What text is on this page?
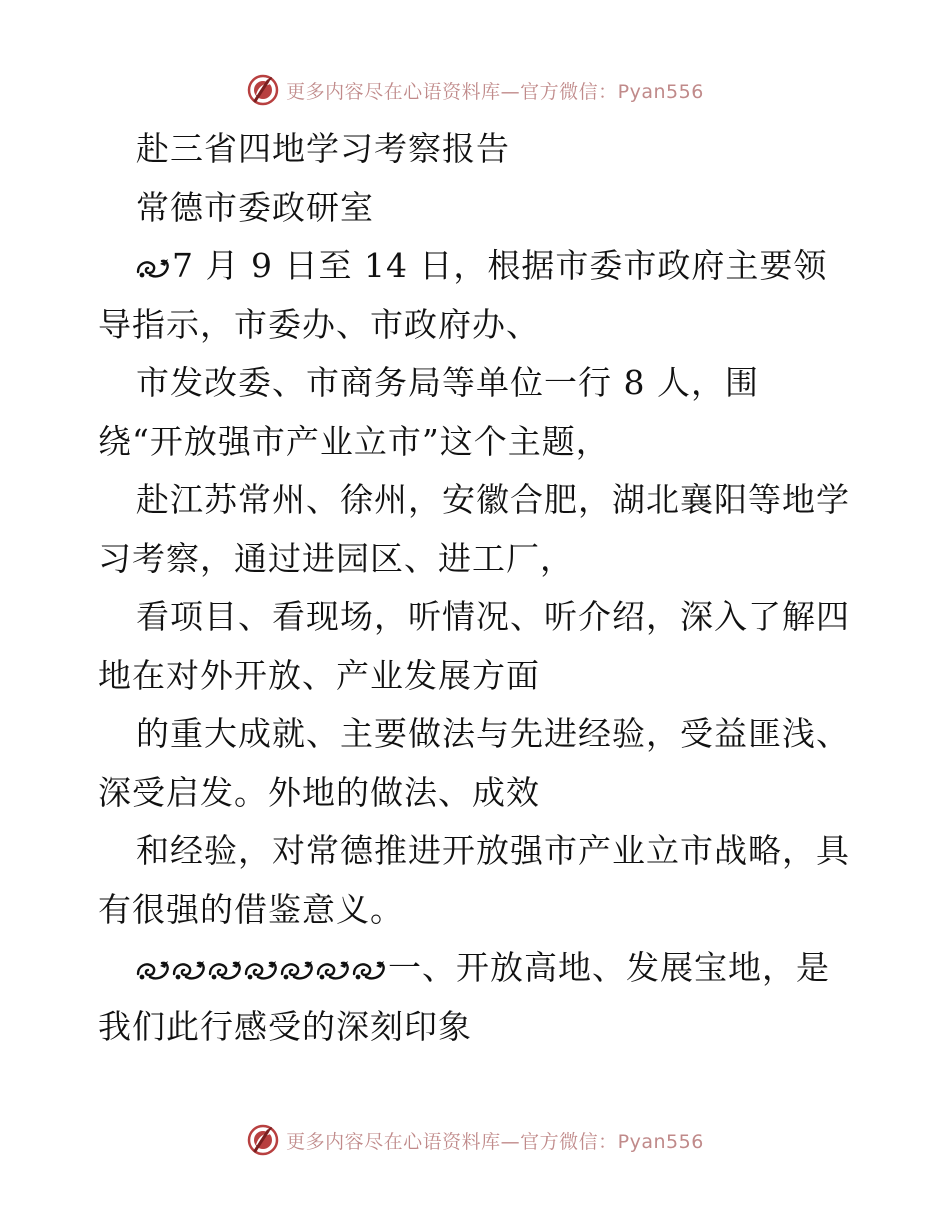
更多内容尽在心语资料库—官方微信：Pyan556
赴三省四地学习考察报告
常德市委政研室
7 月 9 日至 14 日，根据市委市政府主要领
导指示，市委办、市政府办、
市发改委、市商务局等单位一行 8 人，围
绕“开放强市产业立市”这个主题，
赴江苏常州、徐州，安徽合肥，湖北襄阳等地学
习考察，通过进园区、进工厂，
看项目、看现场，听情况、听介绍，深入了解四
地在对外开放、产业发展方面
的重大成就、主要做法与先进经验，受益匪浅、
深受启发。外地的做法、成效
和经验，对常德推进开放强市产业立市战略，具
有很强的借鉴意义。
一、开放高地、发展宝地，是
我们此行感受的深刻印象
更多内容尽在心语资料库—官方微信：Pyan556
